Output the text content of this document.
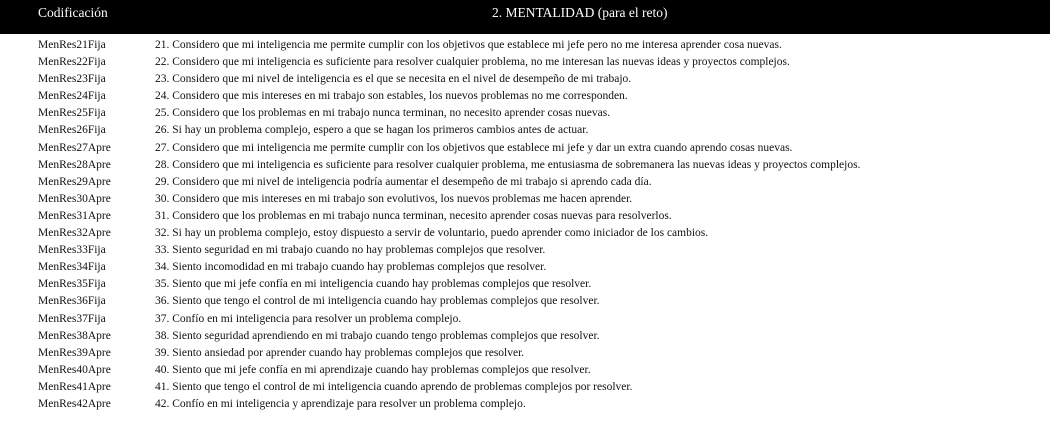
Codificación	2. MENTALIDAD (para el reto)
MenRes21Fija	21. Considero que mi inteligencia me permite cumplir con los objetivos que establece mi jefe pero no me interesa aprender cosa nuevas.
MenRes22Fija	22. Considero que mi inteligencia es suficiente para resolver cualquier problema, no me interesan las nuevas ideas y proyectos complejos.
MenRes23Fija	23. Considero que mi nivel de inteligencia es el que se necesita en el nivel de desempeño de mi trabajo.
MenRes24Fija	24. Considero que mis intereses en mi trabajo son estables, los nuevos problemas no me corresponden.
MenRes25Fija	25. Considero que los problemas en mi trabajo nunca terminan, no necesito aprender cosas nuevas.
MenRes26Fija	26. Si hay un problema complejo, espero a que se hagan los primeros cambios antes de actuar.
MenRes27Apre	27. Considero que mi inteligencia me permite cumplir con los objetivos que establece mi jefe y dar un extra cuando aprendo cosas nuevas.
MenRes28Apre	28. Considero que mi inteligencia es suficiente para resolver cualquier problema, me entusiasma de sobremanera las nuevas ideas y proyectos complejos.
MenRes29Apre	29. Considero que mi nivel de inteligencia podría aumentar el desempeño de mi trabajo si aprendo cada día.
MenRes30Apre	30. Considero que mis intereses en mi trabajo son evolutivos, los nuevos problemas me hacen aprender.
MenRes31Apre	31. Considero que los problemas en mi trabajo nunca terminan, necesito aprender cosas nuevas para resolverlos.
MenRes32Apre	32. Si hay un problema complejo, estoy dispuesto a servir de voluntario, puedo aprender como iniciador de los cambios.
MenRes33Fija	33. Siento seguridad en mi trabajo cuando no hay problemas complejos que resolver.
MenRes34Fija	34. Siento incomodidad en mi trabajo cuando hay problemas complejos que resolver.
MenRes35Fija	35. Siento que mi jefe confía en mi inteligencia cuando hay problemas complejos que resolver.
MenRes36Fija	36. Siento que tengo el control de mi inteligencia cuando hay problemas complejos que resolver.
MenRes37Fija	37. Confío en mi inteligencia para resolver un problema complejo.
MenRes38Apre	38. Siento seguridad aprendiendo en mi trabajo cuando tengo problemas complejos que resolver.
MenRes39Apre	39. Siento ansiedad por aprender cuando hay problemas complejos que resolver.
MenRes40Apre	40. Siento que mi jefe confía en mi aprendizaje cuando hay problemas complejos que resolver.
MenRes41Apre	41. Siento que tengo el control de mi inteligencia cuando aprendo de problemas complejos por resolver.
MenRes42Apre	42. Confío en mi inteligencia y aprendizaje para resolver un problema complejo.
